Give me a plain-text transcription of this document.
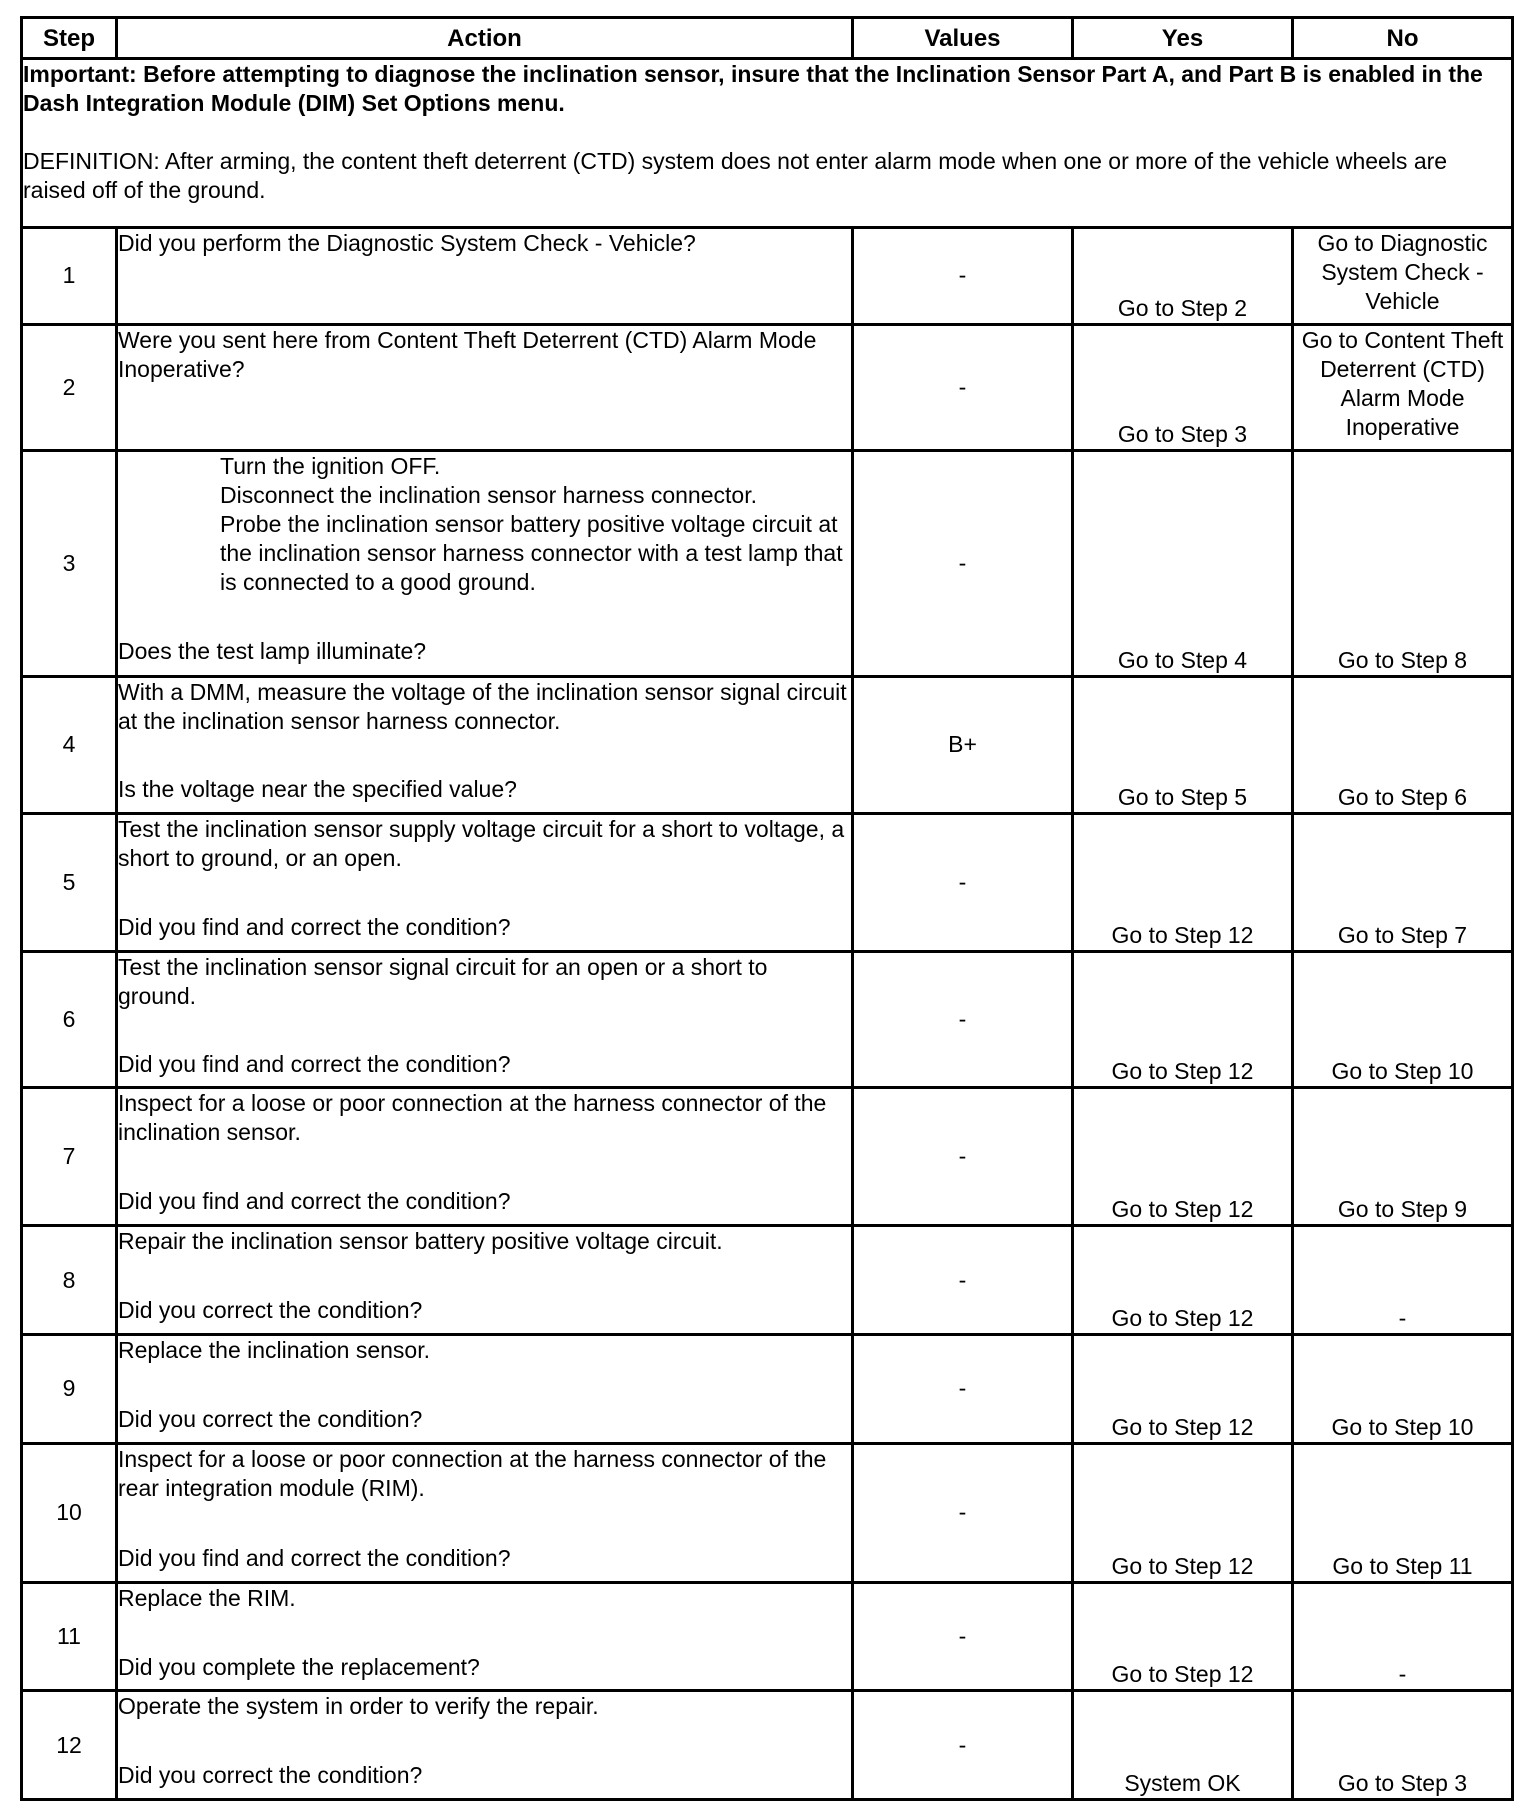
Step	Action	Values	Yes	No

Important: Before attempting to diagnose the inclination sensor, insure that the Inclination Sensor Part A, and Part B is enabled in the Dash Integration Module (DIM) Set Options menu.
DEFINITION: After arming, the content theft deterrent (CTD) system does not enter alarm mode when one or more of the vehicle wheels are raised off of the ground.				

1	Did you perform the Diagnostic System Check - Vehicle?	-	Go to Step 2	Go to Diagnostic System Check - Vehicle
2	Were you sent here from Content Theft Deterrent (CTD) Alarm Mode Inoperative?	-	Go to Step 3	Go to Content Theft Deterrent (CTD) Alarm Mode Inoperative
3	Turn the ignition OFF.
Disconnect the inclination sensor harness connector.
Probe the inclination sensor battery positive voltage circuit at the inclination sensor harness connector with a test lamp that is connected to a good ground.
Does the test lamp illuminate?	-	Go to Step 4	Go to Step 8
4	With a DMM, measure the voltage of the inclination sensor signal circuit at the inclination sensor harness connector.
Is the voltage near the specified value?	B+	Go to Step 5	Go to Step 6
5	Test the inclination sensor supply voltage circuit for a short to voltage, a short to ground, or an open.
Did you find and correct the condition?	-	Go to Step 12	Go to Step 7
6	Test the inclination sensor signal circuit for an open or a short to ground.
Did you find and correct the condition?	-	Go to Step 12	Go to Step 10
7	Inspect for a loose or poor connection at the harness connector of the inclination sensor.
Did you find and correct the condition?	-	Go to Step 12	Go to Step 9
8	Repair the inclination sensor battery positive voltage circuit.
Did you correct the condition?	-	Go to Step 12	-
9	Replace the inclination sensor.
Did you correct the condition?	-	Go to Step 12	Go to Step 10
10	Inspect for a loose or poor connection at the harness connector of the rear integration module (RIM).
Did you find and correct the condition?	-	Go to Step 12	Go to Step 11
11	Replace the RIM.
Did you complete the replacement?	-	Go to Step 12	-
12	Operate the system in order to verify the repair.
Did you correct the condition?	-	System OK	Go to Step 3
